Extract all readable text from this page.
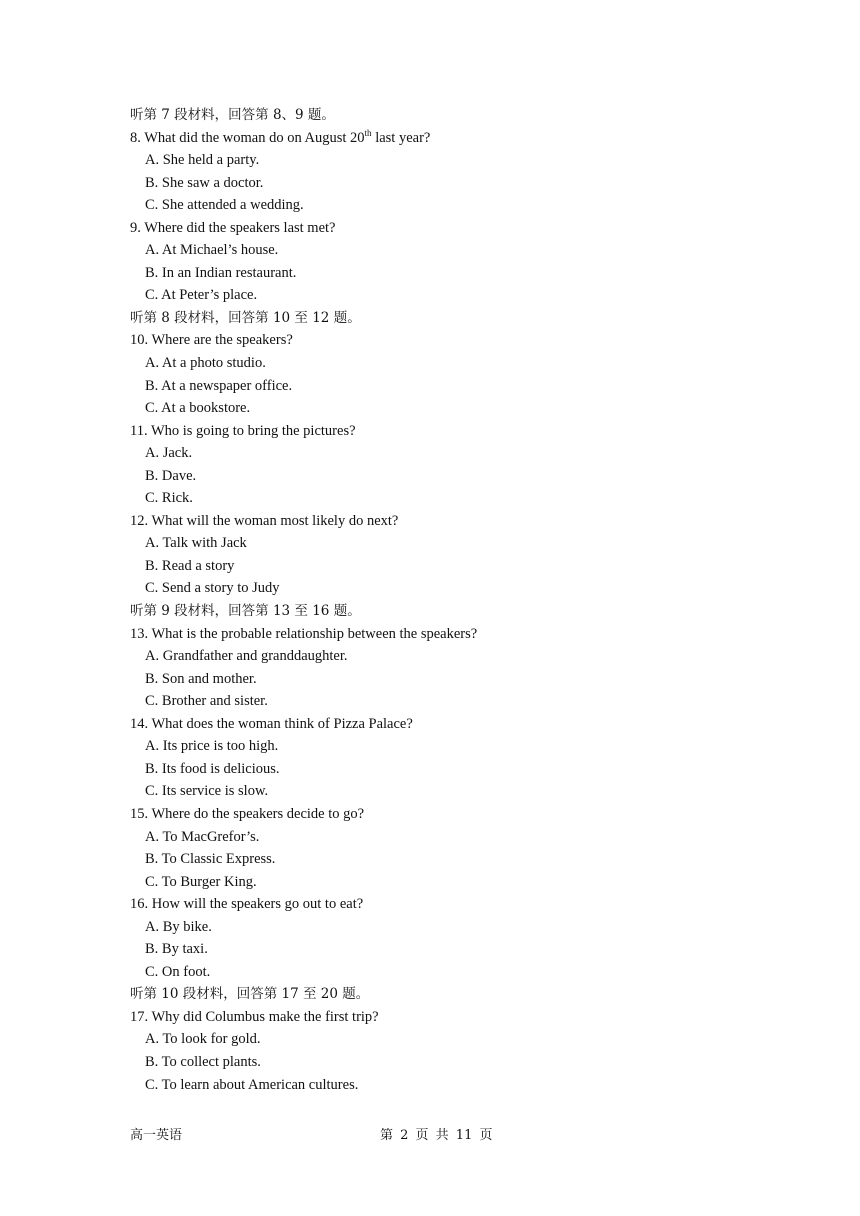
听第 7 段材料，回答第 8、9 题。
8. What did the woman do on August 20th last year?
A. She held a party.
B. She saw a doctor.
C. She attended a wedding.
9. Where did the speakers last met?
A. At Michael’s house.
B. In an Indian restaurant.
C. At Peter’s place.
听第 8 段材料，回答第 10 至 12 题。
10. Where are the speakers?
A. At a photo studio.
B. At a newspaper office.
C. At a bookstore.
11. Who is going to bring the pictures?
A. Jack.
B. Dave.
C. Rick.
12. What will the woman most likely do next?
A. Talk with Jack
B. Read a story
C. Send a story to Judy
听第 9 段材料，回答第 13 至 16 题。
13. What is the probable relationship between the speakers?
A. Grandfather and granddaughter.
B. Son and mother.
C. Brother and sister.
14. What does the woman think of Pizza Palace?
A. Its price is too high.
B. Its food is delicious.
C. Its service is slow.
15. Where do the speakers decide to go?
A. To MacGrefor’s.
B. To Classic Express.
C. To Burger King.
16. How will the speakers go out to eat?
A. By bike.
B. By taxi.
C. On foot.
听第 10 段材料，回答第 17 至 20 题。
17. Why did Columbus make the first trip?
A. To look for gold.
B. To collect plants.
C. To learn about American cultures.
高一英语	第 2 页 共 11 页
